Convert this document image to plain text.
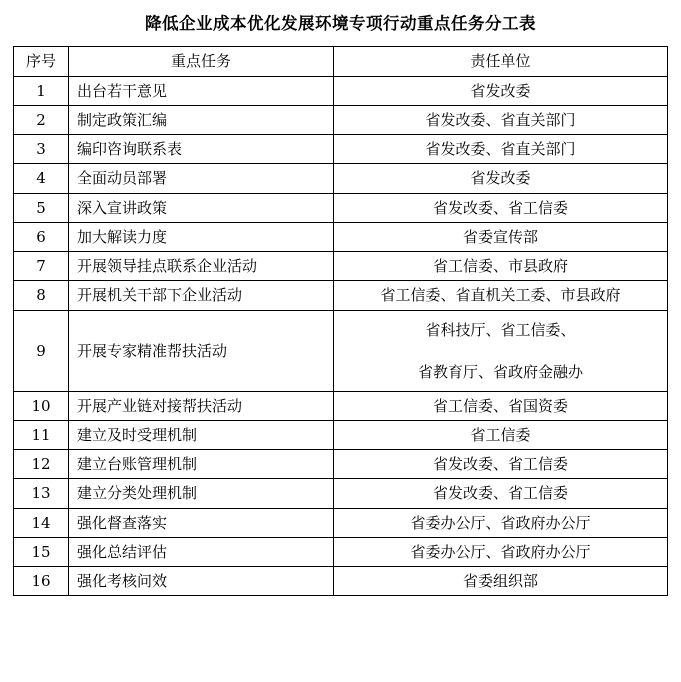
降低企业成本优化发展环境专项行动重点任务分工表
序号	重点任务	责任单位
1	出台若干意见	省发改委
2	制定政策汇编	省发改委、省直关部门
3	编印咨询联系表	省发改委、省直关部门
4	全面动员部署	省发改委
5	深入宣讲政策	省发改委、省工信委
6	加大解读力度	省委宣传部
7	开展领导挂点联系企业活动	省工信委、市县政府
8	开展机关干部下企业活动	省工信委、省直机关工委、市县政府
9	开展专家精准帮扶活动	省科技厅、省工信委、
省教育厅、省政府金融办

10	开展产业链对接帮扶活动	省工信委、省国资委
11	建立及时受理机制	省工信委
12	建立台账管理机制	省发改委、省工信委
13	建立分类处理机制	省发改委、省工信委
14	强化督查落实	省委办公厅、省政府办公厅
15	强化总结评估	省委办公厅、省政府办公厅
16	强化考核问效	省委组织部
